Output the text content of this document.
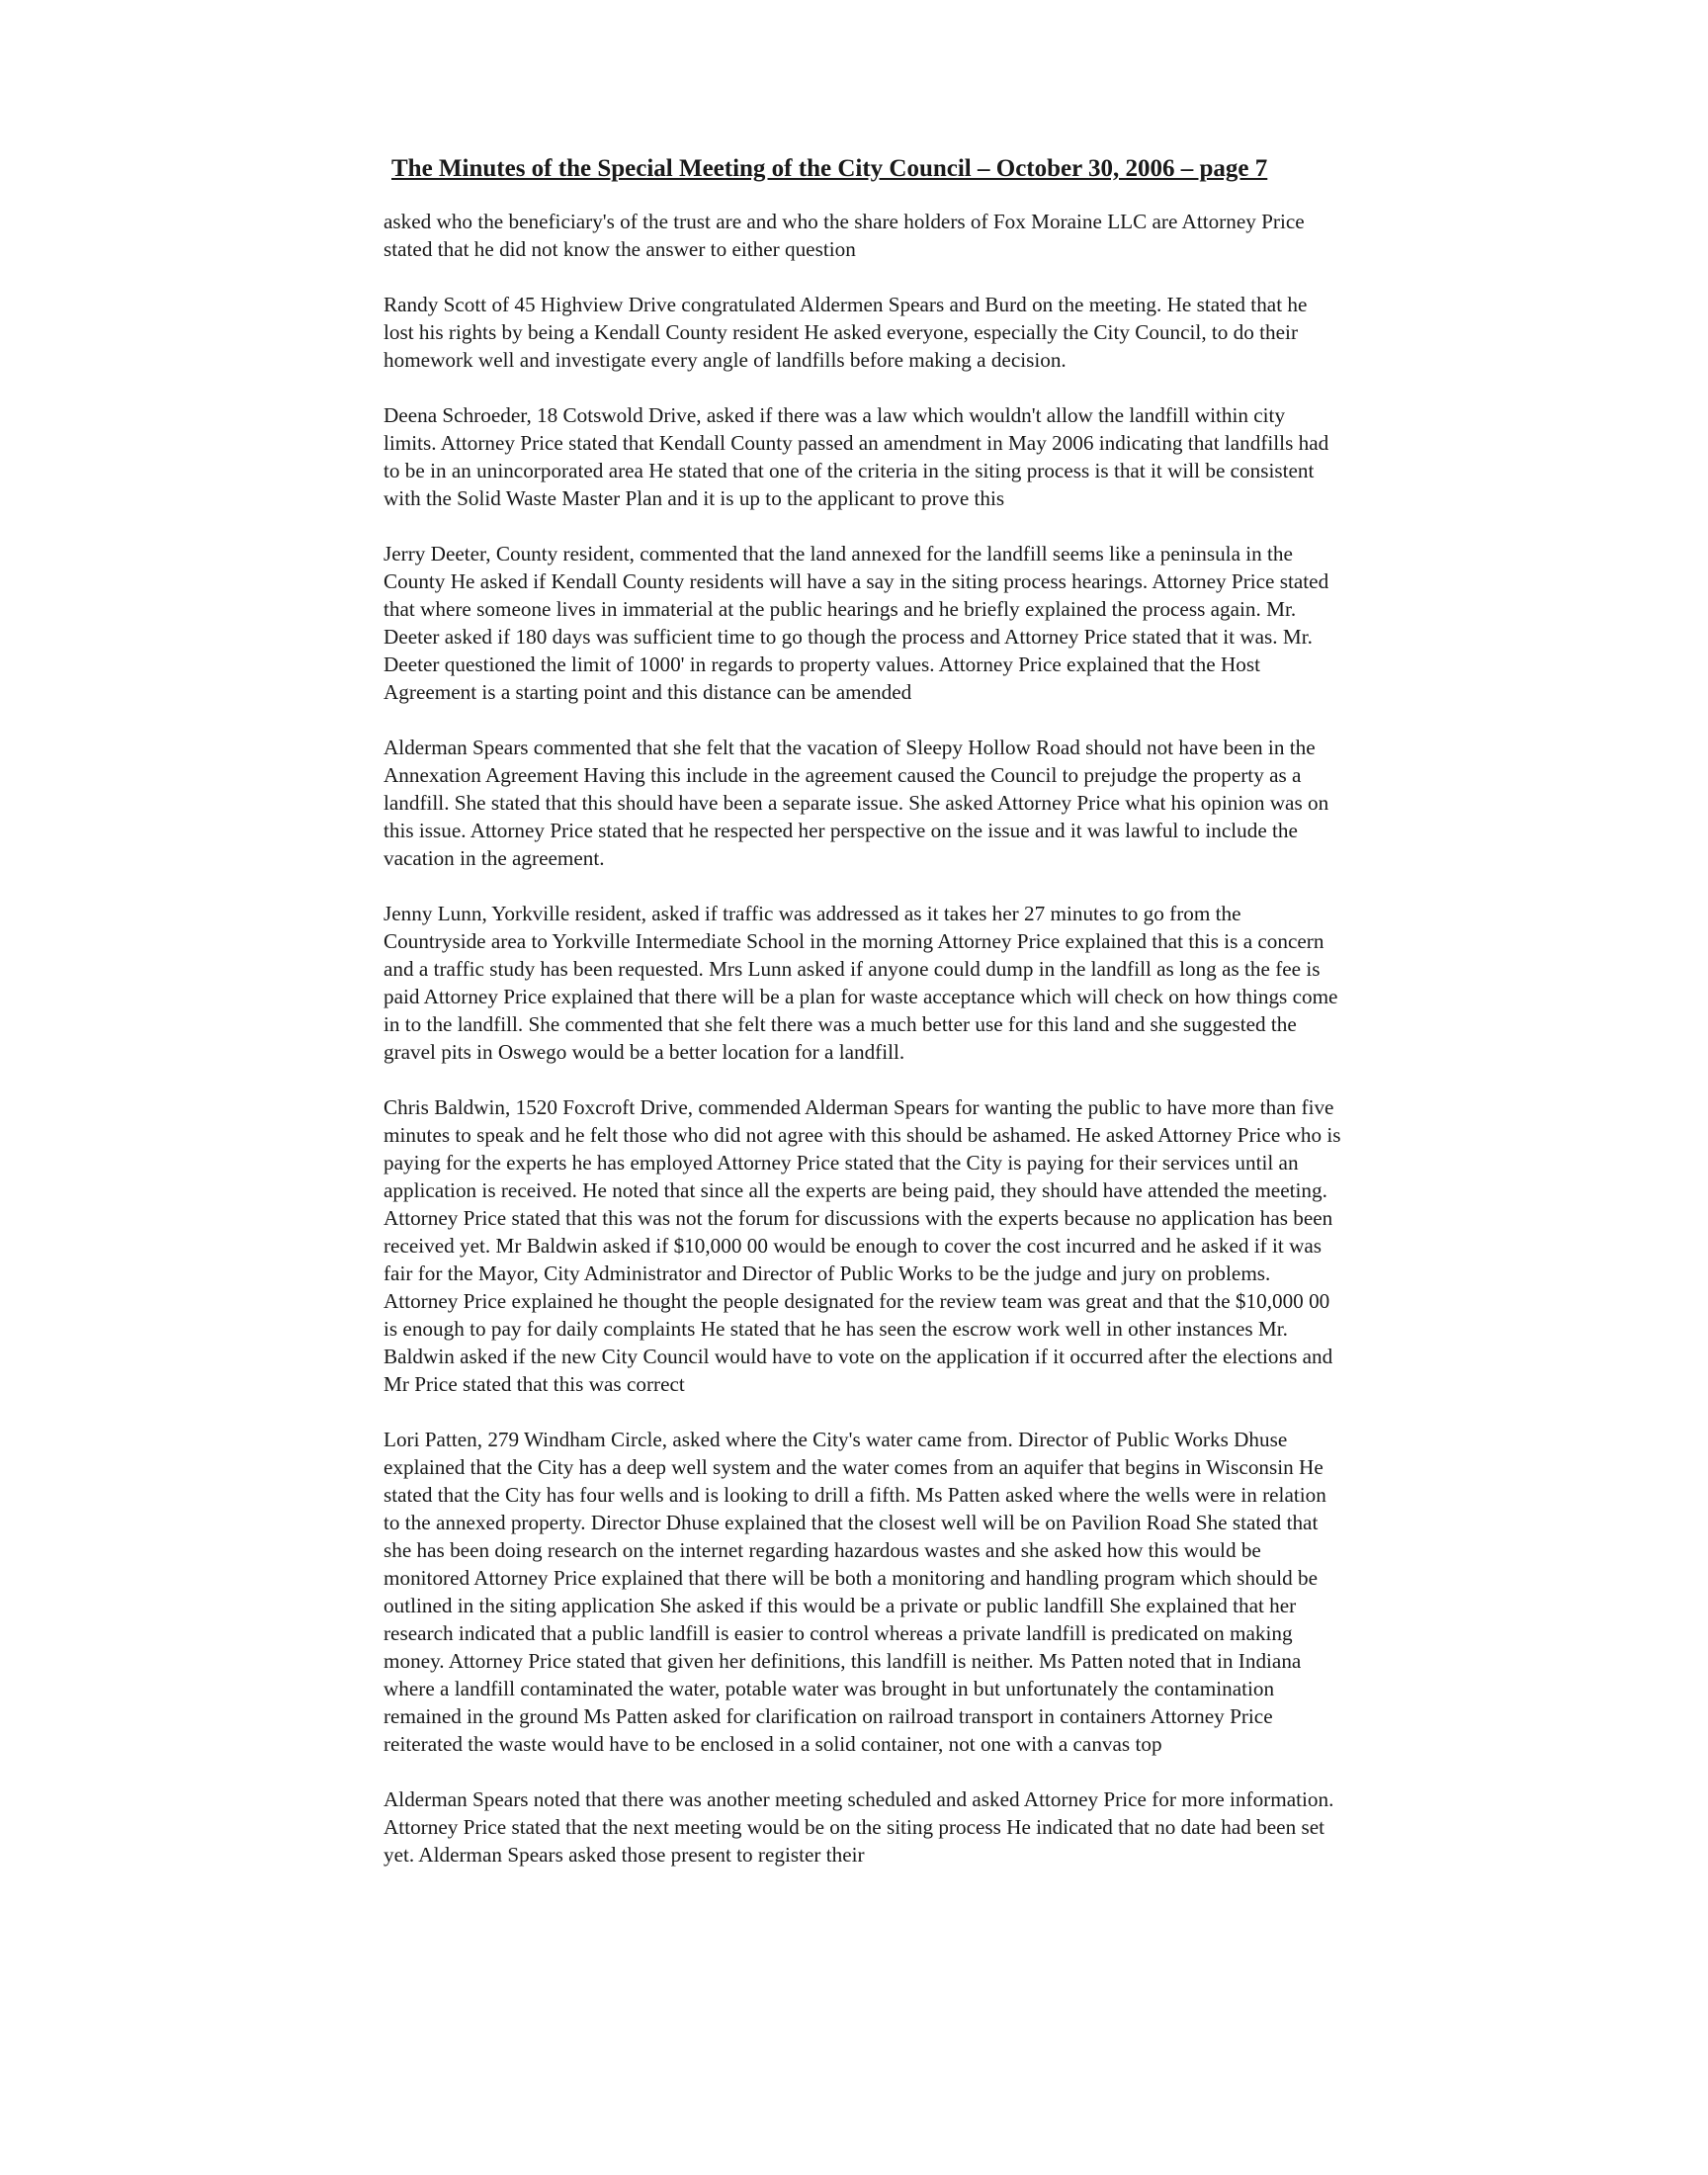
The Minutes of the Special Meeting of the City Council – October 30, 2006 – page 7

asked who the beneficiary's of the trust are and who the share holders of Fox Moraine LLC are Attorney Price stated that he did not know the answer to either question

Randy Scott of 45 Highview Drive congratulated Aldermen Spears and Burd on the meeting. He stated that he lost his rights by being a Kendall County resident He asked everyone, especially the City Council, to do their homework well and investigate every angle of landfills before making a decision.

Deena Schroeder, 18 Cotswold Drive, asked if there was a law which wouldn't allow the landfill within city limits. Attorney Price stated that Kendall County passed an amendment in May 2006 indicating that landfills had to be in an unincorporated area He stated that one of the criteria in the siting process is that it will be consistent with the Solid Waste Master Plan and it is up to the applicant to prove this

Jerry Deeter, County resident, commented that the land annexed for the landfill seems like a peninsula in the County He asked if Kendall County residents will have a say in the siting process hearings. Attorney Price stated that where someone lives in immaterial at the public hearings and he briefly explained the process again. Mr. Deeter asked if 180 days was sufficient time to go though the process and Attorney Price stated that it was. Mr. Deeter questioned the limit of 1000' in regards to property values. Attorney Price explained that the Host Agreement is a starting point and this distance can be amended

Alderman Spears commented that she felt that the vacation of Sleepy Hollow Road should not have been in the Annexation Agreement Having this include in the agreement caused the Council to prejudge the property as a landfill. She stated that this should have been a separate issue. She asked Attorney Price what his opinion was on this issue. Attorney Price stated that he respected her perspective on the issue and it was lawful to include the vacation in the agreement.

Jenny Lunn, Yorkville resident, asked if traffic was addressed as it takes her 27 minutes to go from the Countryside area to Yorkville Intermediate School in the morning Attorney Price explained that this is a concern and a traffic study has been requested. Mrs Lunn asked if anyone could dump in the landfill as long as the fee is paid Attorney Price explained that there will be a plan for waste acceptance which will check on how things come in to the landfill. She commented that she felt there was a much better use for this land and she suggested the gravel pits in Oswego would be a better location for a landfill.

Chris Baldwin, 1520 Foxcroft Drive, commended Alderman Spears for wanting the public to have more than five minutes to speak and he felt those who did not agree with this should be ashamed. He asked Attorney Price who is paying for the experts he has employed Attorney Price stated that the City is paying for their services until an application is received. He noted that since all the experts are being paid, they should have attended the meeting. Attorney Price stated that this was not the forum for discussions with the experts because no application has been received yet. Mr Baldwin asked if $10,000 00 would be enough to cover the cost incurred and he asked if it was fair for the Mayor, City Administrator and Director of Public Works to be the judge and jury on problems. Attorney Price explained he thought the people designated for the review team was great and that the $10,000 00 is enough to pay for daily complaints He stated that he has seen the escrow work well in other instances Mr. Baldwin asked if the new City Council would have to vote on the application if it occurred after the elections and Mr Price stated that this was correct

Lori Patten, 279 Windham Circle, asked where the City's water came from. Director of Public Works Dhuse explained that the City has a deep well system and the water comes from an aquifer that begins in Wisconsin He stated that the City has four wells and is looking to drill a fifth. Ms Patten asked where the wells were in relation to the annexed property. Director Dhuse explained that the closest well will be on Pavilion Road She stated that she has been doing research on the internet regarding hazardous wastes and she asked how this would be monitored Attorney Price explained that there will be both a monitoring and handling program which should be outlined in the siting application She asked if this would be a private or public landfill She explained that her research indicated that a public landfill is easier to control whereas a private landfill is predicated on making money. Attorney Price stated that given her definitions, this landfill is neither. Ms Patten noted that in Indiana where a landfill contaminated the water, potable water was brought in but unfortunately the contamination remained in the ground Ms Patten asked for clarification on railroad transport in containers Attorney Price reiterated the waste would have to be enclosed in a solid container, not one with a canvas top

Alderman Spears noted that there was another meeting scheduled and asked Attorney Price for more information. Attorney Price stated that the next meeting would be on the siting process He indicated that no date had been set yet. Alderman Spears asked those present to register their
